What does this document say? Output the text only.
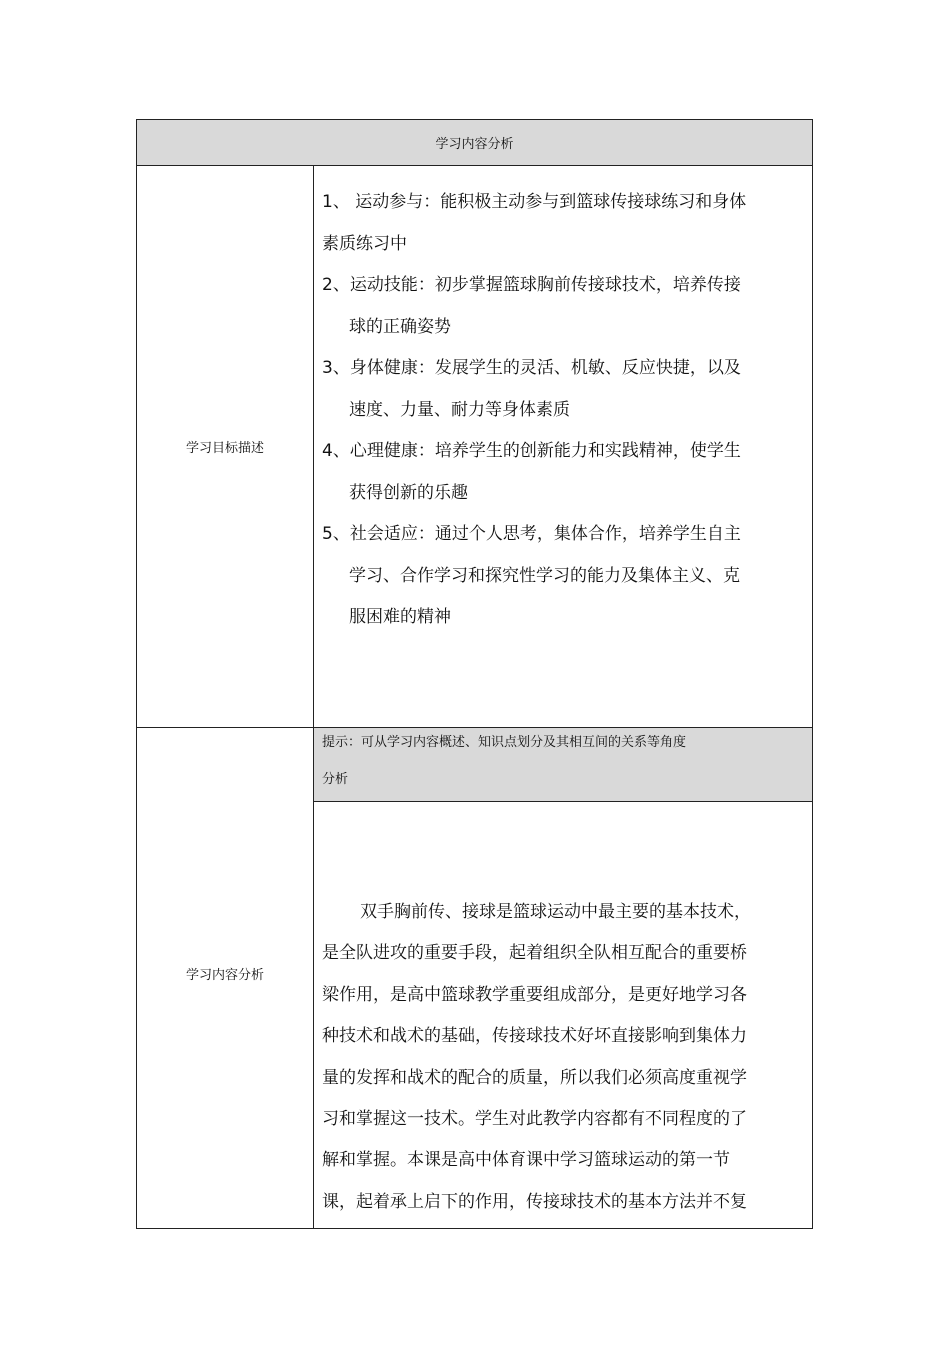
学习内容分析
学习目标描述
1、 运动参与：能积极主动参与到篮球传接球练习和身体
素质练习中
2、运动技能：初步掌握篮球胸前传接球技术，培养传接
球的正确姿势
3、身体健康：发展学生的灵活、机敏、反应快捷，以及
速度、力量、耐力等身体素质
4、心理健康：培养学生的创新能力和实践精神，使学生
获得创新的乐趣
5、社会适应：通过个人思考，集体合作，培养学生自主
学习、合作学习和探究性学习的能力及集体主义、克
服困难的精神
学习内容分析
提示：可从学习内容概述、知识点划分及其相互间的关系等角度
分析
双手胸前传、接球是篮球运动中最主要的基本技术，
是全队进攻的重要手段，起着组织全队相互配合的重要桥
梁作用，是高中篮球教学重要组成部分，是更好地学习各
种技术和战术的基础，传接球技术好坏直接影响到集体力
量的发挥和战术的配合的质量，所以我们必须高度重视学
习和掌握这一技术。学生对此教学内容都有不同程度的了
解和掌握。本课是高中体育课中学习篮球运动的第一节
课，起着承上启下的作用，传接球技术的基本方法并不复
